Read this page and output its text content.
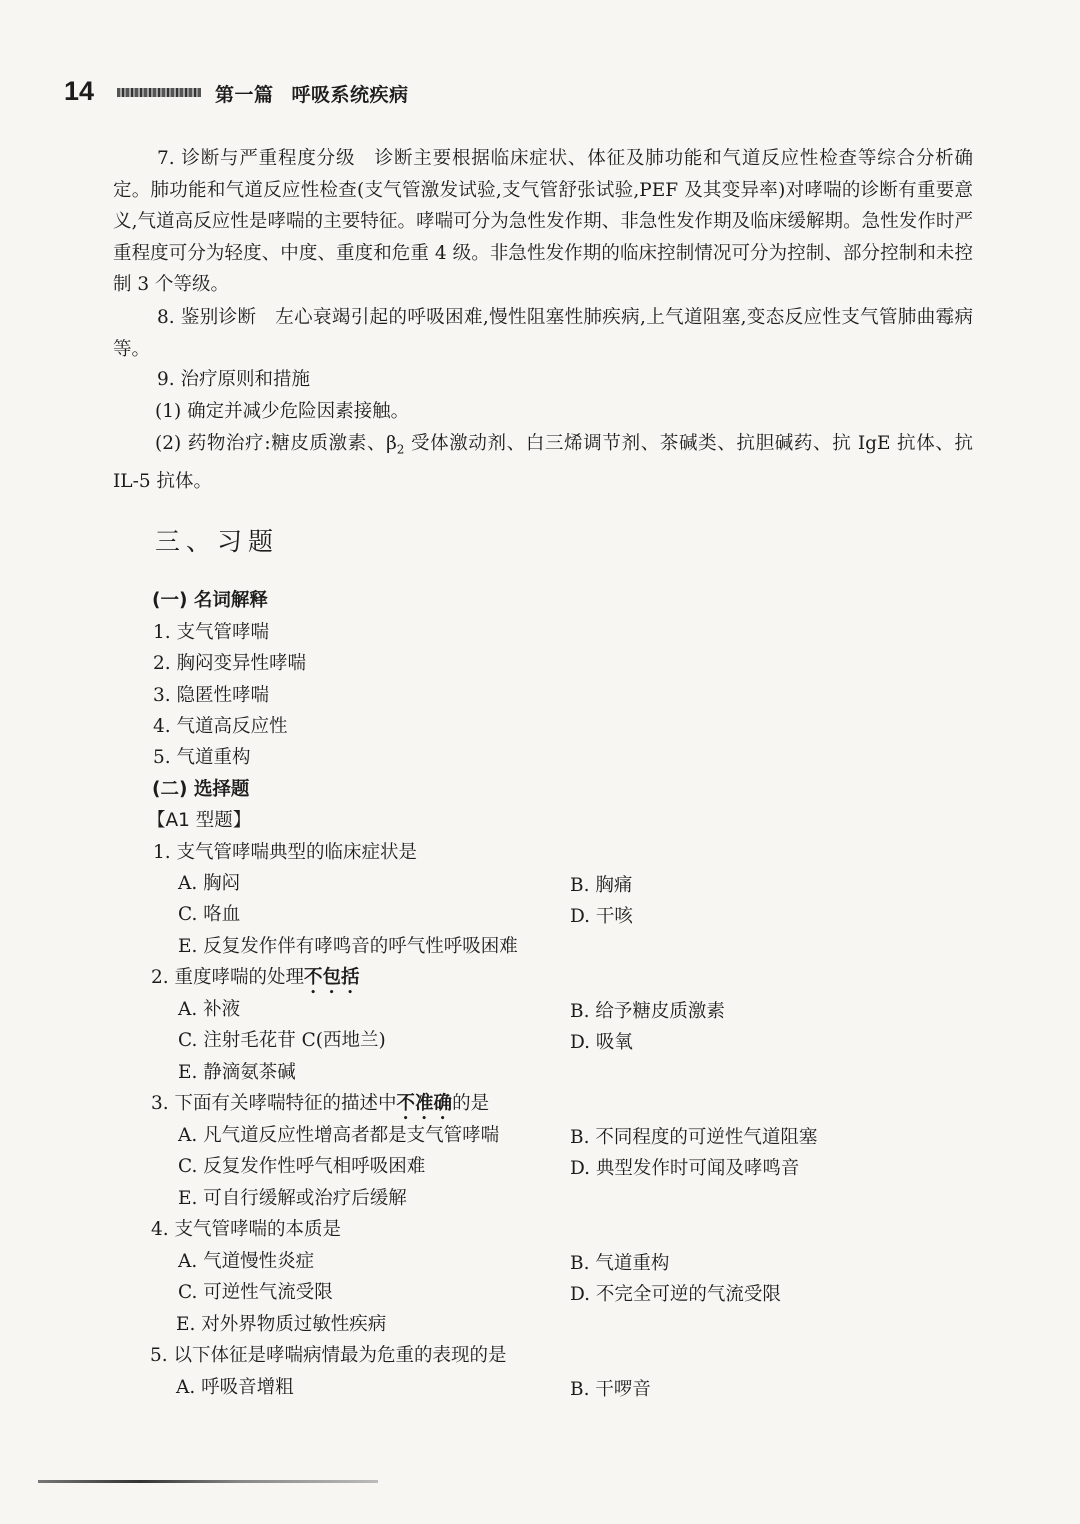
14	第一篇 呼吸系统疾病

7. 诊断与严重程度分级　诊断主要根据临床症状、体征及肺功能和气道反应性检查等综合分析确定。肺功能和气道反应性检查(支气管激发试验,支气管舒张试验,PEF 及其变异率)对哮喘的诊断有重要意义,气道高反应性是哮喘的主要特征。哮喘可分为急性发作期、非急性发作期及临床缓解期。急性发作时严重程度可分为轻度、中度、重度和危重 4 级。非急性发作期的临床控制情况可分为控制、部分控制和未控制 3 个等级。

8. 鉴别诊断　左心衰竭引起的呼吸困难,慢性阻塞性肺疾病,上气道阻塞,变态反应性支气管肺曲霉病等。

9. 治疗原则和措施

(1) 确定并减少危险因素接触。

(2) 药物治疗:糖皮质激素、$\beta_2$ 受体激动剂、白三烯调节剂、茶碱类、抗胆碱药、抗 IgE 抗体、抗 IL-5 抗体。

三、习题
(一) 名词解释
1. 支气管哮喘
2. 胸闷变异性哮喘
3. 隐匿性哮喘
4. 气道高反应性
5. 气道重构
(二) 选择题
【A1 型题】
1. 支气管哮喘典型的临床症状是
A. 胸闷	B. 胸痛
C. 咯血	D. 干咳
E. 反复发作伴有哮鸣音的呼气性呼吸困难
2. 重度哮喘的处理不包括
A. 补液	B. 给予糖皮质激素
C. 注射毛花苷 C(西地兰)	D. 吸氧
E. 静滴氨茶碱
3. 下面有关哮喘特征的描述中不准确的是
A. 凡气道反应性增高者都是支气管哮喘	B. 不同程度的可逆性气道阻塞
C. 反复发作性呼气相呼吸困难	D. 典型发作时可闻及哮鸣音
E. 可自行缓解或治疗后缓解
4. 支气管哮喘的本质是
A. 气道慢性炎症	B. 气道重构
C. 可逆性气流受限	D. 不完全可逆的气流受限
E. 对外界物质过敏性疾病
5. 以下体征是哮喘病情最为危重的表现的是
A. 呼吸音增粗	B. 干啰音
